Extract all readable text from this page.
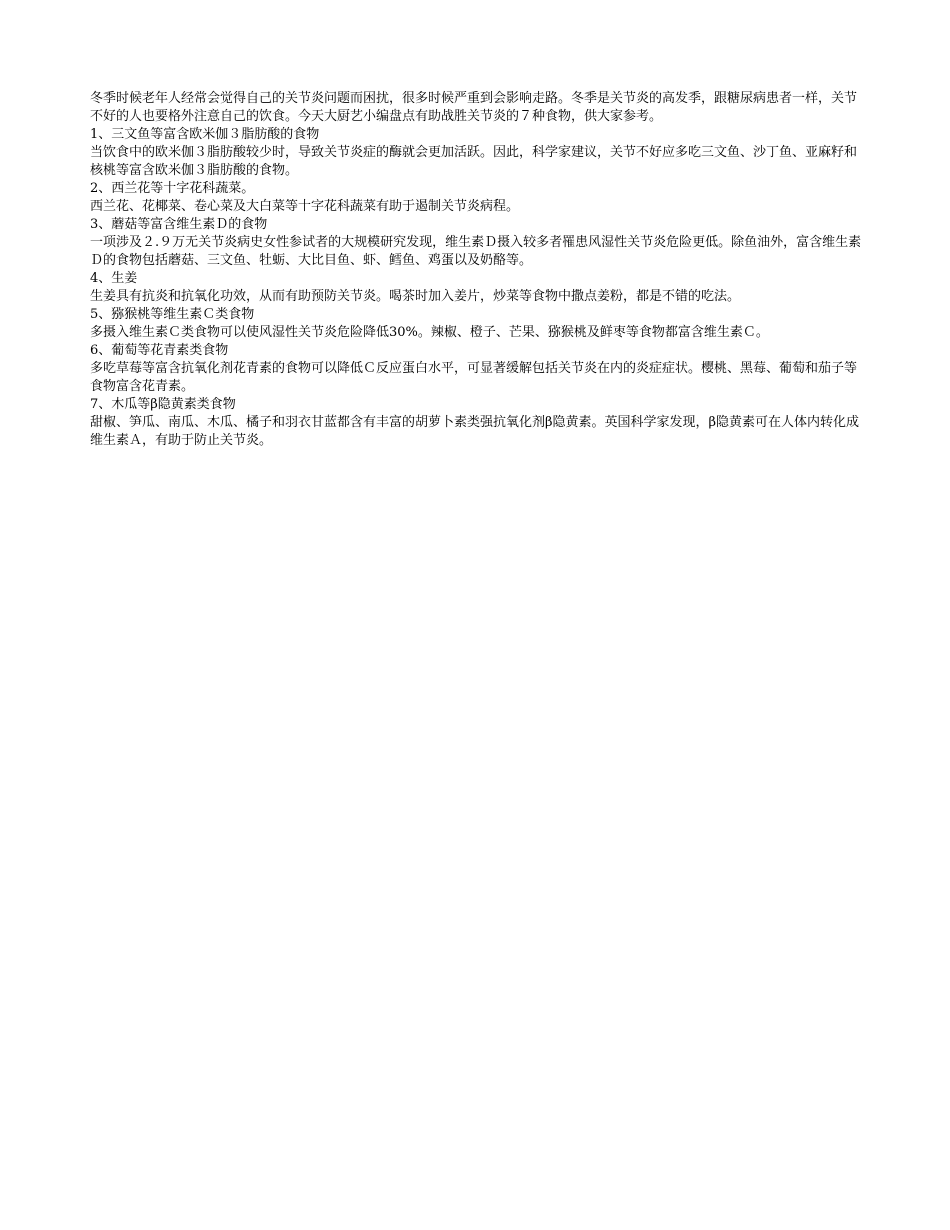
冬季时候老年人经常会觉得自己的关节炎问题而困扰，很多时候严重到会影响走路。冬季是关节炎的高发季，跟糖尿病患者一样，关节不好的人也要格外注意自己的饮食。今天大厨艺小编盘点有助战胜关节炎的７种食物，供大家参考。

1、三文鱼等富含欧米伽３脂肪酸的食物

当饮食中的欧米伽３脂肪酸较少时，导致关节炎症的酶就会更加活跃。因此，科学家建议，关节不好应多吃三文鱼、沙丁鱼、亚麻籽和核桃等富含欧米伽３脂肪酸的食物。

2、西兰花等十字花科蔬菜。

西兰花、花椰菜、卷心菜及大白菜等十字花科蔬菜有助于遏制关节炎病程。

3、蘑菇等富含维生素Ｄ的食物

一项涉及２.９万无关节炎病史女性参试者的大规模研究发现，维生素Ｄ摄入较多者罹患风湿性关节炎危险更低。除鱼油外，富含维生素Ｄ的食物包括蘑菇、三文鱼、牡蛎、大比目鱼、虾、鳕鱼、鸡蛋以及奶酪等。

4、生姜

生姜具有抗炎和抗氧化功效，从而有助预防关节炎。喝茶时加入姜片，炒菜等食物中撒点姜粉，都是不错的吃法。

5、猕猴桃等维生素Ｃ类食物

多摄入维生素Ｃ类食物可以使风湿性关节炎危险降低30%。辣椒、橙子、芒果、猕猴桃及鲜枣等食物都富含维生素Ｃ。

6、葡萄等花青素类食物

多吃草莓等富含抗氧化剂花青素的食物可以降低Ｃ反应蛋白水平，可显著缓解包括关节炎在内的炎症症状。樱桃、黑莓、葡萄和茄子等食物富含花青素。

7、木瓜等β隐黄素类食物

甜椒、笋瓜、南瓜、木瓜、橘子和羽衣甘蓝都含有丰富的胡萝卜素类强抗氧化剂β隐黄素。英国科学家发现，β隐黄素可在人体内转化成维生素Ａ，有助于防止关节炎。
